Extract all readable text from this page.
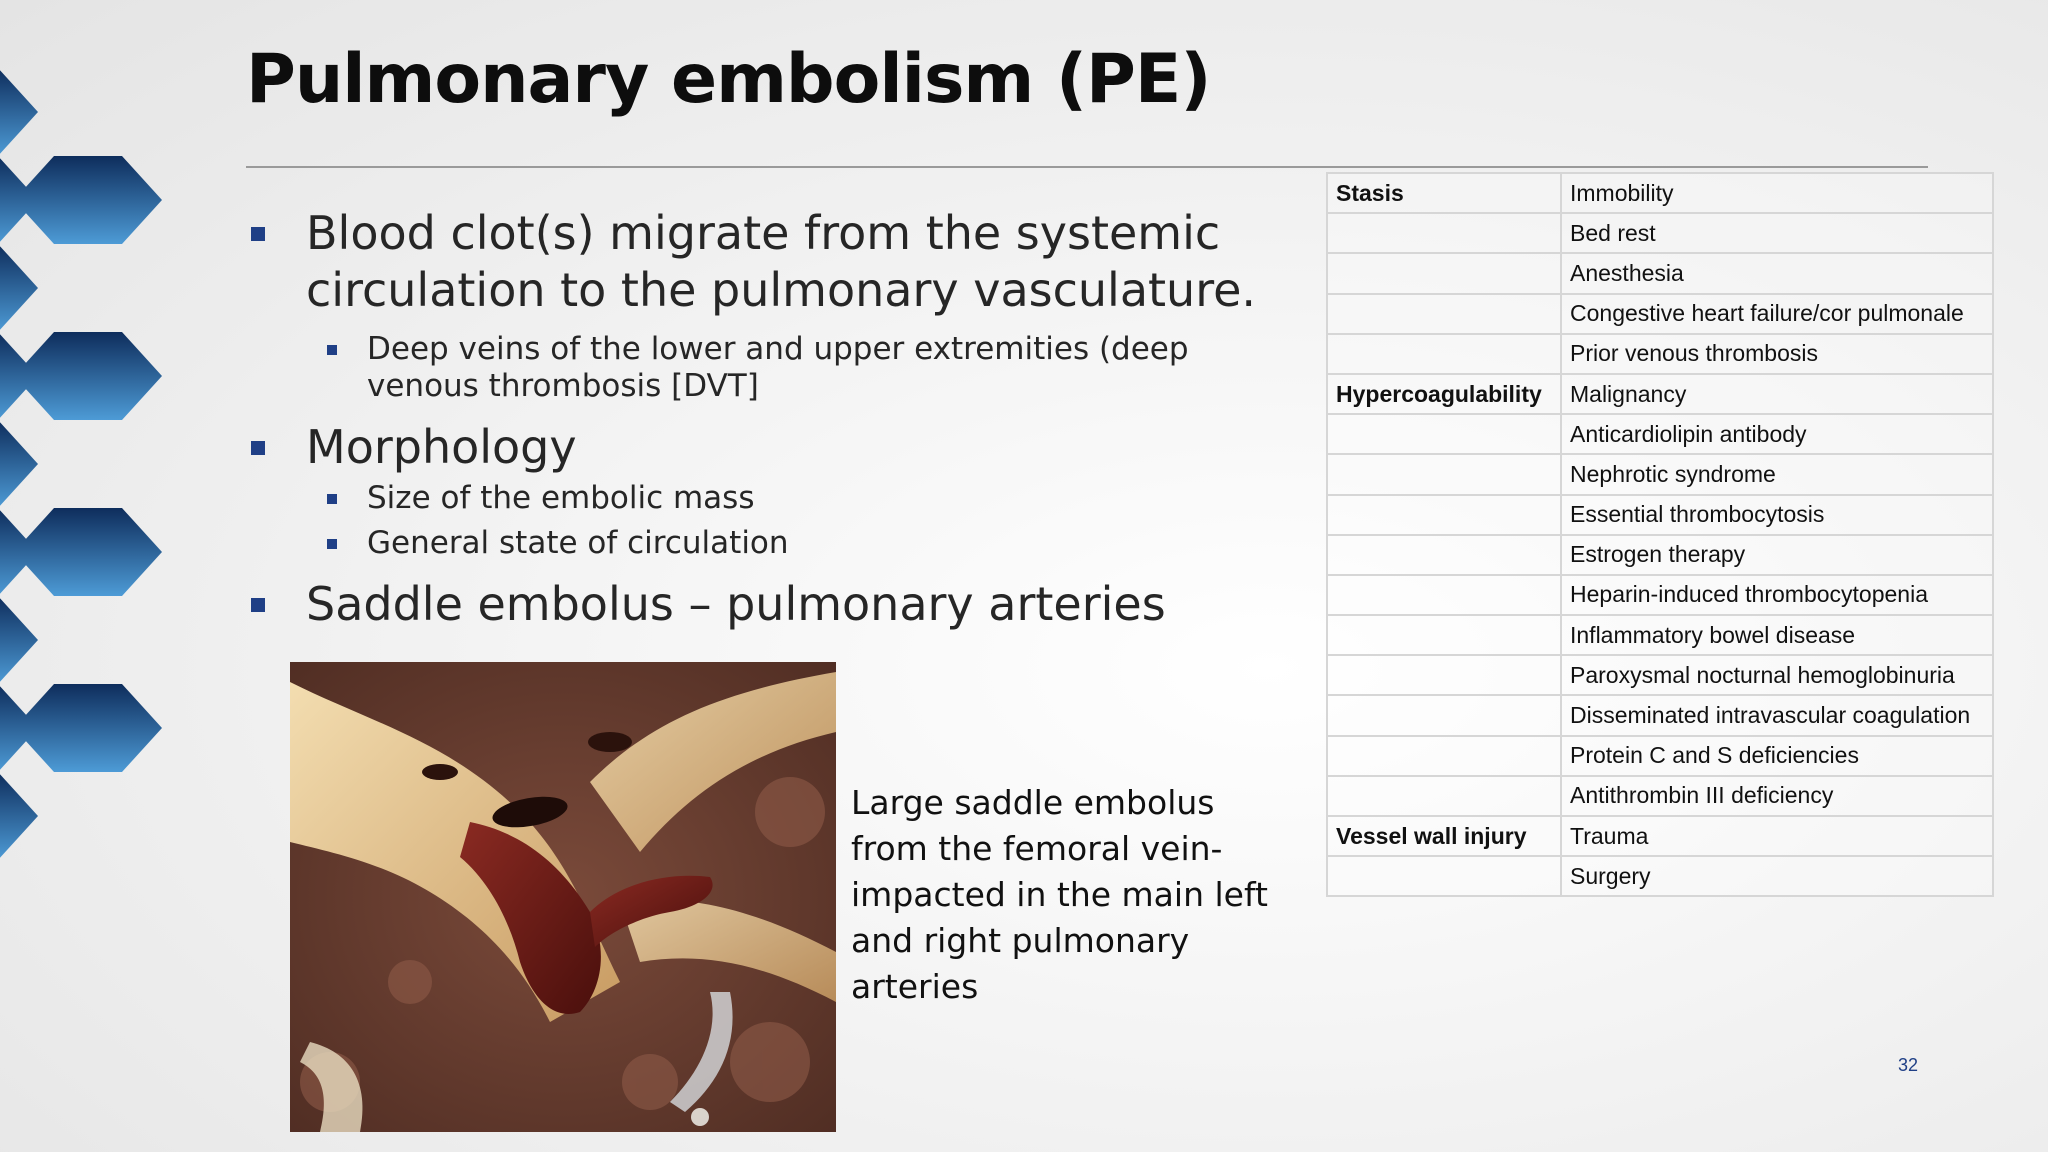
Pulmonary embolism (PE)

Blood clot(s) migrate from the systemic circulation to the pulmonary vasculature.

Deep veins of the lower and upper extremities (deep venous thrombosis [DVT]

Morphology

Size of the embolic mass

General state of circulation

Saddle embolus – pulmonary arteries

Large saddle embolus from the femoral vein- impacted in the main left and right pulmonary arteries

Stasis	Immobility
	Bed rest
	Anesthesia
	Congestive heart failure/cor pulmonale
	Prior venous thrombosis
Hypercoagulability	Malignancy
	Anticardiolipin antibody
	Nephrotic syndrome
	Essential thrombocytosis
	Estrogen therapy
	Heparin-induced thrombocytopenia
	Inflammatory bowel disease
	Paroxysmal nocturnal hemoglobinuria
	Disseminated intravascular coagulation
	Protein C and S deficiencies
	Antithrombin III deficiency
Vessel wall injury	Trauma
	Surgery
32
